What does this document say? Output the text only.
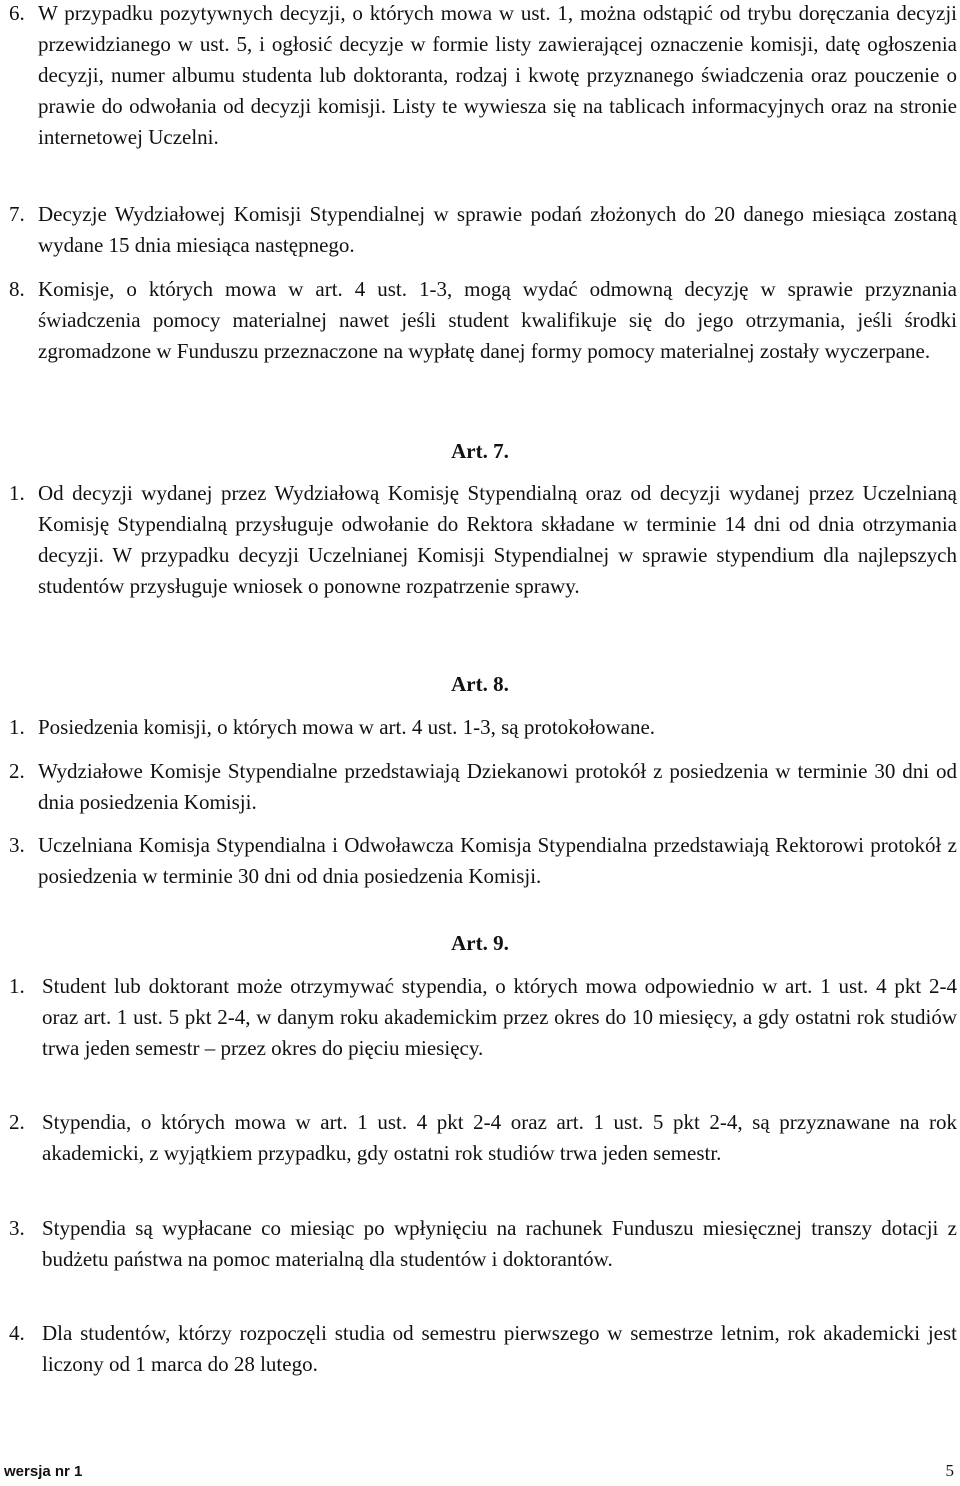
6. W przypadku pozytywnych decyzji, o których mowa w ust. 1, można odstąpić od trybu doręczania decyzji przewidzianego w ust. 5, i ogłosić decyzje w formie listy zawierającej oznaczenie komisji, datę ogłoszenia decyzji, numer albumu studenta lub doktoranta, rodzaj i kwotę przyznanego świadczenia oraz pouczenie o prawie do odwołania od decyzji komisji. Listy te wywiesza się na tablicach informacyjnych oraz na stronie internetowej Uczelni.
7. Decyzje Wydziałowej Komisji Stypendialnej w sprawie podań złożonych do 20 danego miesiąca zostaną wydane 15 dnia miesiąca następnego.
8. Komisje, o których mowa w art. 4 ust. 1-3, mogą wydać odmowną decyzję w sprawie przyznania świadczenia pomocy materialnej nawet jeśli student kwalifikuje się do jego otrzymania, jeśli środki zgromadzone w Funduszu przeznaczone na wypłatę danej formy pomocy materialnej zostały wyczerpane.
Art. 7.
1. Od decyzji wydanej przez Wydziałową Komisję Stypendialną oraz od decyzji wydanej przez Uczelnianą Komisję Stypendialną przysługuje odwołanie do Rektora składane w terminie 14 dni od dnia otrzymania decyzji. W przypadku decyzji Uczelnianej Komisji Stypendialnej w sprawie stypendium dla najlepszych studentów przysługuje wniosek o ponowne rozpatrzenie sprawy.
Art. 8.
1. Posiedzenia komisji, o których mowa w art. 4 ust. 1-3, są protokołowane.
2. Wydziałowe Komisje Stypendialne przedstawiają Dziekanowi protokół z posiedzenia w terminie 30 dni od dnia posiedzenia Komisji.
3. Uczelniana Komisja Stypendialna i Odwoławcza Komisja Stypendialna przedstawiają Rektorowi protokół z posiedzenia w terminie 30 dni od dnia posiedzenia Komisji.
Art. 9.
1. Student lub doktorant może otrzymywać stypendia, o których mowa odpowiednio w art. 1 ust. 4 pkt 2-4 oraz art. 1 ust. 5 pkt 2-4, w danym roku akademickim przez okres do 10 miesięcy, a gdy ostatni rok studiów trwa jeden semestr – przez okres do pięciu miesięcy.
2. Stypendia, o których mowa w art. 1 ust. 4 pkt 2-4 oraz art. 1 ust. 5 pkt 2-4, są przyznawane na rok akademicki, z wyjątkiem przypadku, gdy ostatni rok studiów trwa jeden semestr.
3. Stypendia są wypłacane co miesiąc po wpłynięciu na rachunek Funduszu miesięcznej transzy dotacji z budżetu państwa na pomoc materialną dla studentów i doktorantów.
4. Dla studentów, którzy rozpoczęli studia od semestru pierwszego w semestrze letnim, rok akademicki jest liczony od 1 marca do 28 lutego.
wersja nr 1	5
